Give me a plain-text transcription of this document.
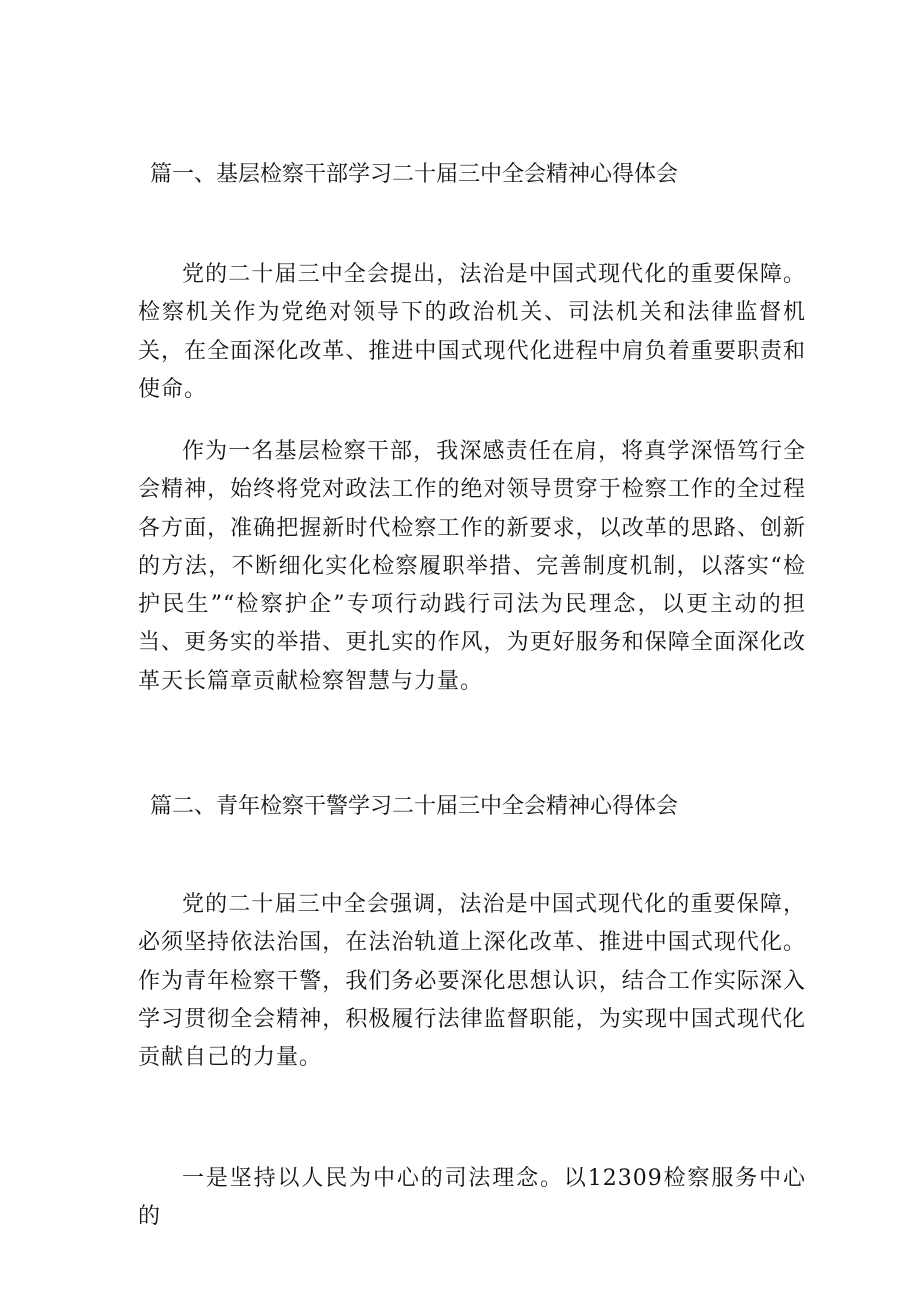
篇一、基层检察干部学习二十届三中全会精神心得体会

党的二十届三中全会提出，法治是中国式现代化的重要保障。检察机关作为党绝对领导下的政治机关、司法机关和法律监督机关，在全面深化改革、推进中国式现代化进程中肩负着重要职责和使命。

作为一名基层检察干部，我深感责任在肩，将真学深悟笃行全会精神，始终将党对政法工作的绝对领导贯穿于检察工作的全过程各方面，准确把握新时代检察工作的新要求，以改革的思路、创新的方法，不断细化实化检察履职举措、完善制度机制，以落实“检护民生”“检察护企”专项行动践行司法为民理念，以更主动的担当、更务实的举措、更扎实的作风，为更好服务和保障全面深化改革天长篇章贡献检察智慧与力量。

篇二、青年检察干警学习二十届三中全会精神心得体会

党的二十届三中全会强调，法治是中国式现代化的重要保障，必须坚持依法治国，在法治轨道上深化改革、推进中国式现代化。作为青年检察干警，我们务必要深化思想认识，结合工作实际深入学习贯彻全会精神，积极履行法律监督职能，为实现中国式现代化贡献自己的力量。

一是坚持以人民为中心的司法理念。以12309检察服务中心的
